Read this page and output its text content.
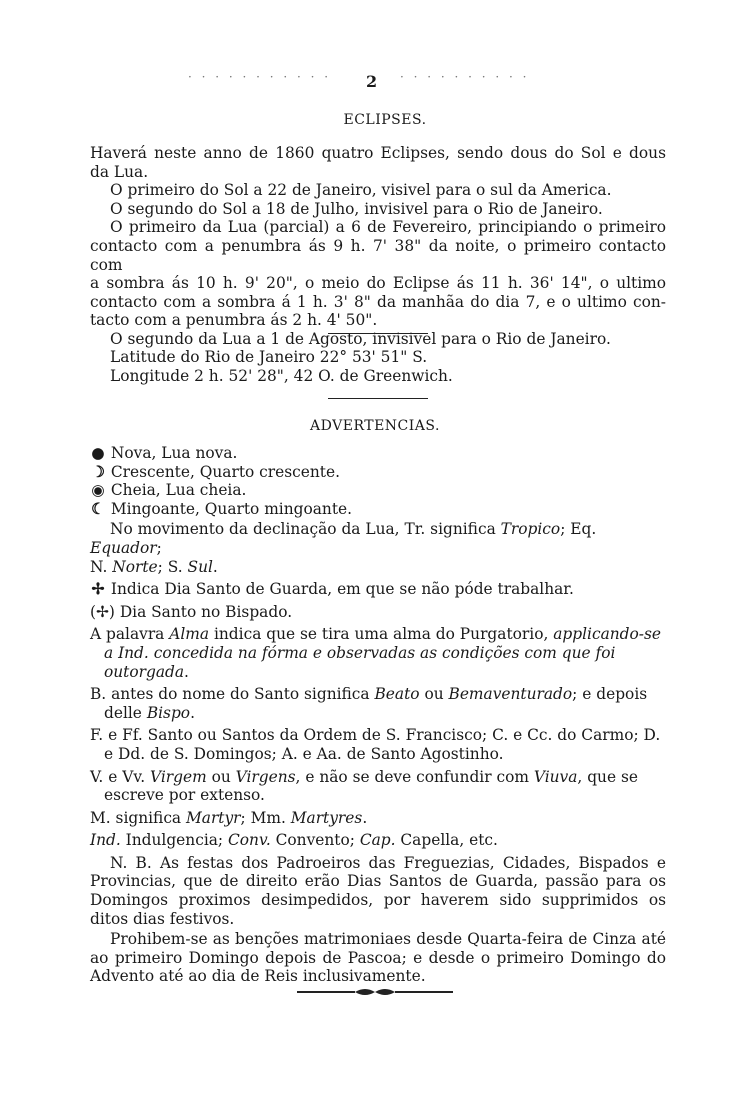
· · · · · · · · · · ·	· · · · · · · · · ·
2
ECLIPSES.
Haverá neste anno de 1860 quatro Eclipses, sendo dous do Sol e dous
da Lua.
O primeiro do Sol a 22 de Janeiro, visivel para o sul da America.
O segundo do Sol a 18 de Julho, invisivel para o Rio de Janeiro.
O primeiro da Lua (parcial) a 6 de Fevereiro, principiando o primeiro
contacto com a penumbra ás 9 h. 7' 38" da noite, o primeiro contacto com
a sombra ás 10 h. 9' 20", o meio do Eclipse ás 11 h. 36' 14", o ultimo
contacto com a sombra á 1 h. 3' 8" da manhãa do dia 7, e o ultimo con-
tacto com a penumbra ás 2 h. 4' 50".
O segundo da Lua a 1 de Agosto, invisivel para o Rio de Janeiro.
Latitude do Rio de Janeiro 22° 53' 51" S.
Longitude 2 h. 52' 28", 42 O. de Greenwich.
ADVERTENCIAS.
● Nova, Lua nova.
☽ Crescente, Quarto crescente.
◉ Cheia, Lua cheia.
☾ Mingoante, Quarto mingoante.
No movimento da declinação da Lua, Tr. significa Tropico; Eq. Equador;
N. Norte; S. Sul.
✢ Indica Dia Santo de Guarda, em que se não póde trabalhar.
(✢) Dia Santo no Bispado.
A palavra Alma indica que se tira uma alma do Purgatorio, applicando-se a Ind. concedida na fórma e observadas as condições com que foi outorgada.
B. antes do nome do Santo significa Beato ou Bemaventurado; e depois delle Bispo.
F. e Ff. Santo ou Santos da Ordem de S. Francisco; C. e Cc. do Carmo; D. e Dd. de S. Domingos; A. e Aa. de Santo Agostinho.
V. e Vv. Virgem ou Virgens, e não se deve confundir com Viuva, que se escreve por extenso.
M. significa Martyr; Mm. Martyres.
Ind. Indulgencia; Conv. Convento; Cap. Capella, etc.
N. B. As festas dos Padroeiros das Freguezias, Cidades, Bispados e Provincias, que de direito erão Dias Santos de Guarda, passão para os Domingos proximos desimpedidos, por haverem sido supprimidos os ditos dias festivos.
Prohibem-se as benções matrimoniaes desde Quarta-feira de Cinza até ao primeiro Domingo depois de Pascoa; e desde o primeiro Domingo do Advento até ao dia de Reis inclusivamente.
